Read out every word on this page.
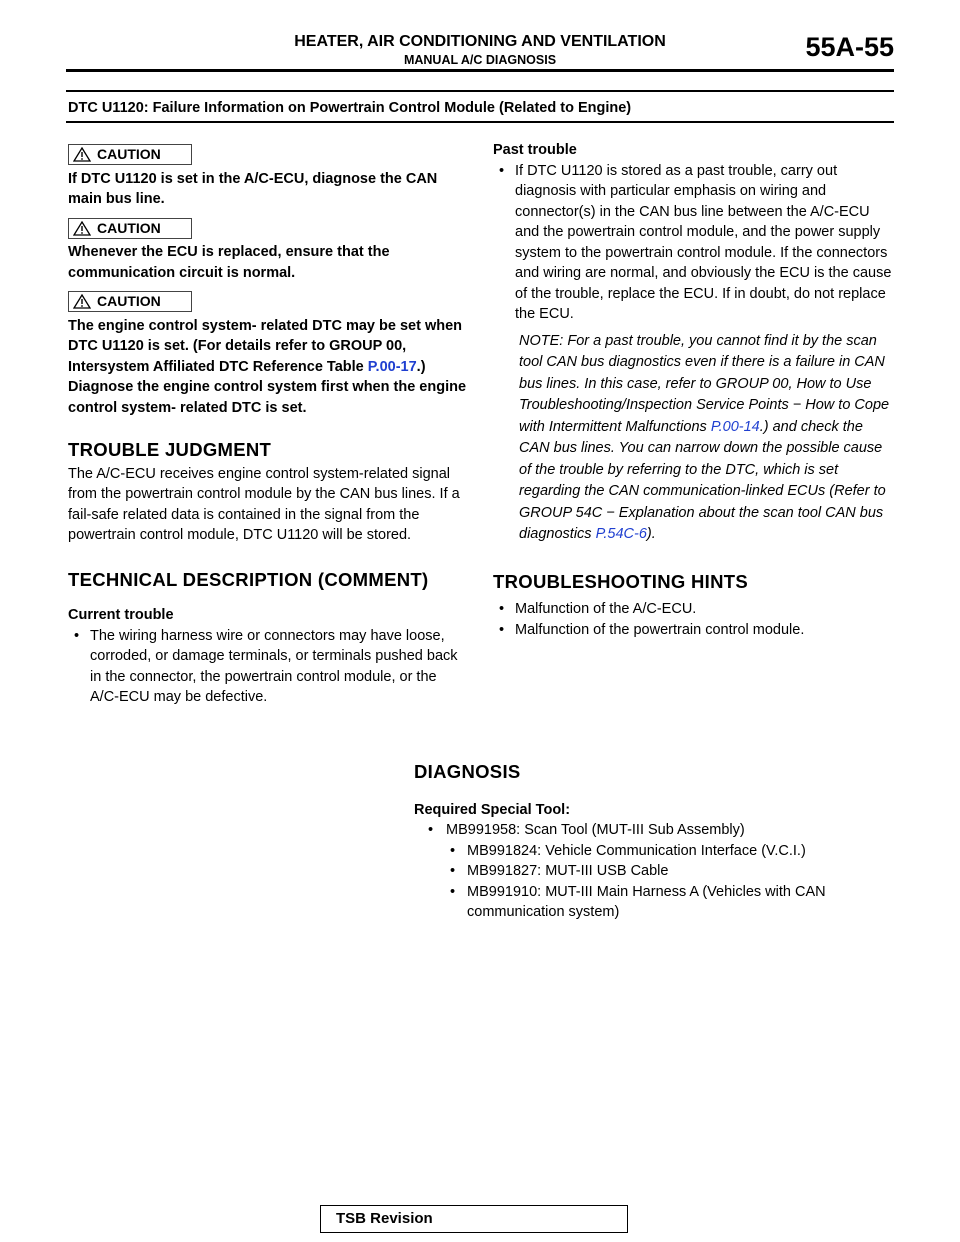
HEATER, AIR CONDITIONING AND VENTILATION
MANUAL A/C DIAGNOSIS	55A-55
DTC U1120: Failure Information on Powertrain Control Module (Related to Engine)
CAUTION
If DTC U1120 is set in the A/C-ECU, diagnose the CAN main bus line.
CAUTION
Whenever the ECU is replaced, ensure that the communication circuit is normal.
CAUTION
The engine control system- related DTC may be set when DTC U1120 is set. (For details refer to GROUP 00, Intersystem Affiliated DTC Reference Table P.00-17.) Diagnose the engine control system first when the engine control system- related DTC is set.
TROUBLE JUDGMENT
The A/C-ECU receives engine control system-related signal from the powertrain control module by the CAN bus lines. If a fail-safe related data is contained in the signal from the powertrain control module, DTC U1120 will be stored.
TECHNICAL DESCRIPTION (COMMENT)
Current trouble
• The wiring harness wire or connectors may have loose, corroded, or damage terminals, or terminals pushed back in the connector, the powertrain control module, or the A/C-ECU may be defective.
Past trouble
• If DTC U1120 is stored as a past trouble, carry out diagnosis with particular emphasis on wiring and connector(s) in the CAN bus line between the A/C-ECU and the powertrain control module, and the power supply system to the powertrain control module. If the connectors and wiring are normal, and obviously the ECU is the cause of the trouble, replace the ECU. If in doubt, do not replace the ECU.
NOTE: For a past trouble, you cannot find it by the scan tool CAN bus diagnostics even if there is a failure in CAN bus lines. In this case, refer to GROUP 00, How to Use Troubleshooting/Inspection Service Points − How to Cope with Intermittent Malfunctions P.00-14.) and check the CAN bus lines. You can narrow down the possible cause of the trouble by referring to the DTC, which is set regarding the CAN communication-linked ECUs (Refer to GROUP 54C − Explanation about the scan tool CAN bus diagnostics P.54C-6).
TROUBLESHOOTING HINTS
• Malfunction of the A/C-ECU.
• Malfunction of the powertrain control module.
DIAGNOSIS
Required Special Tool:
• MB991958: Scan Tool (MUT-III Sub Assembly)
• MB991824: Vehicle Communication Interface (V.C.I.)
• MB991827: MUT-III USB Cable
• MB991910: MUT-III Main Harness A (Vehicles with CAN communication system)
TSB Revision
